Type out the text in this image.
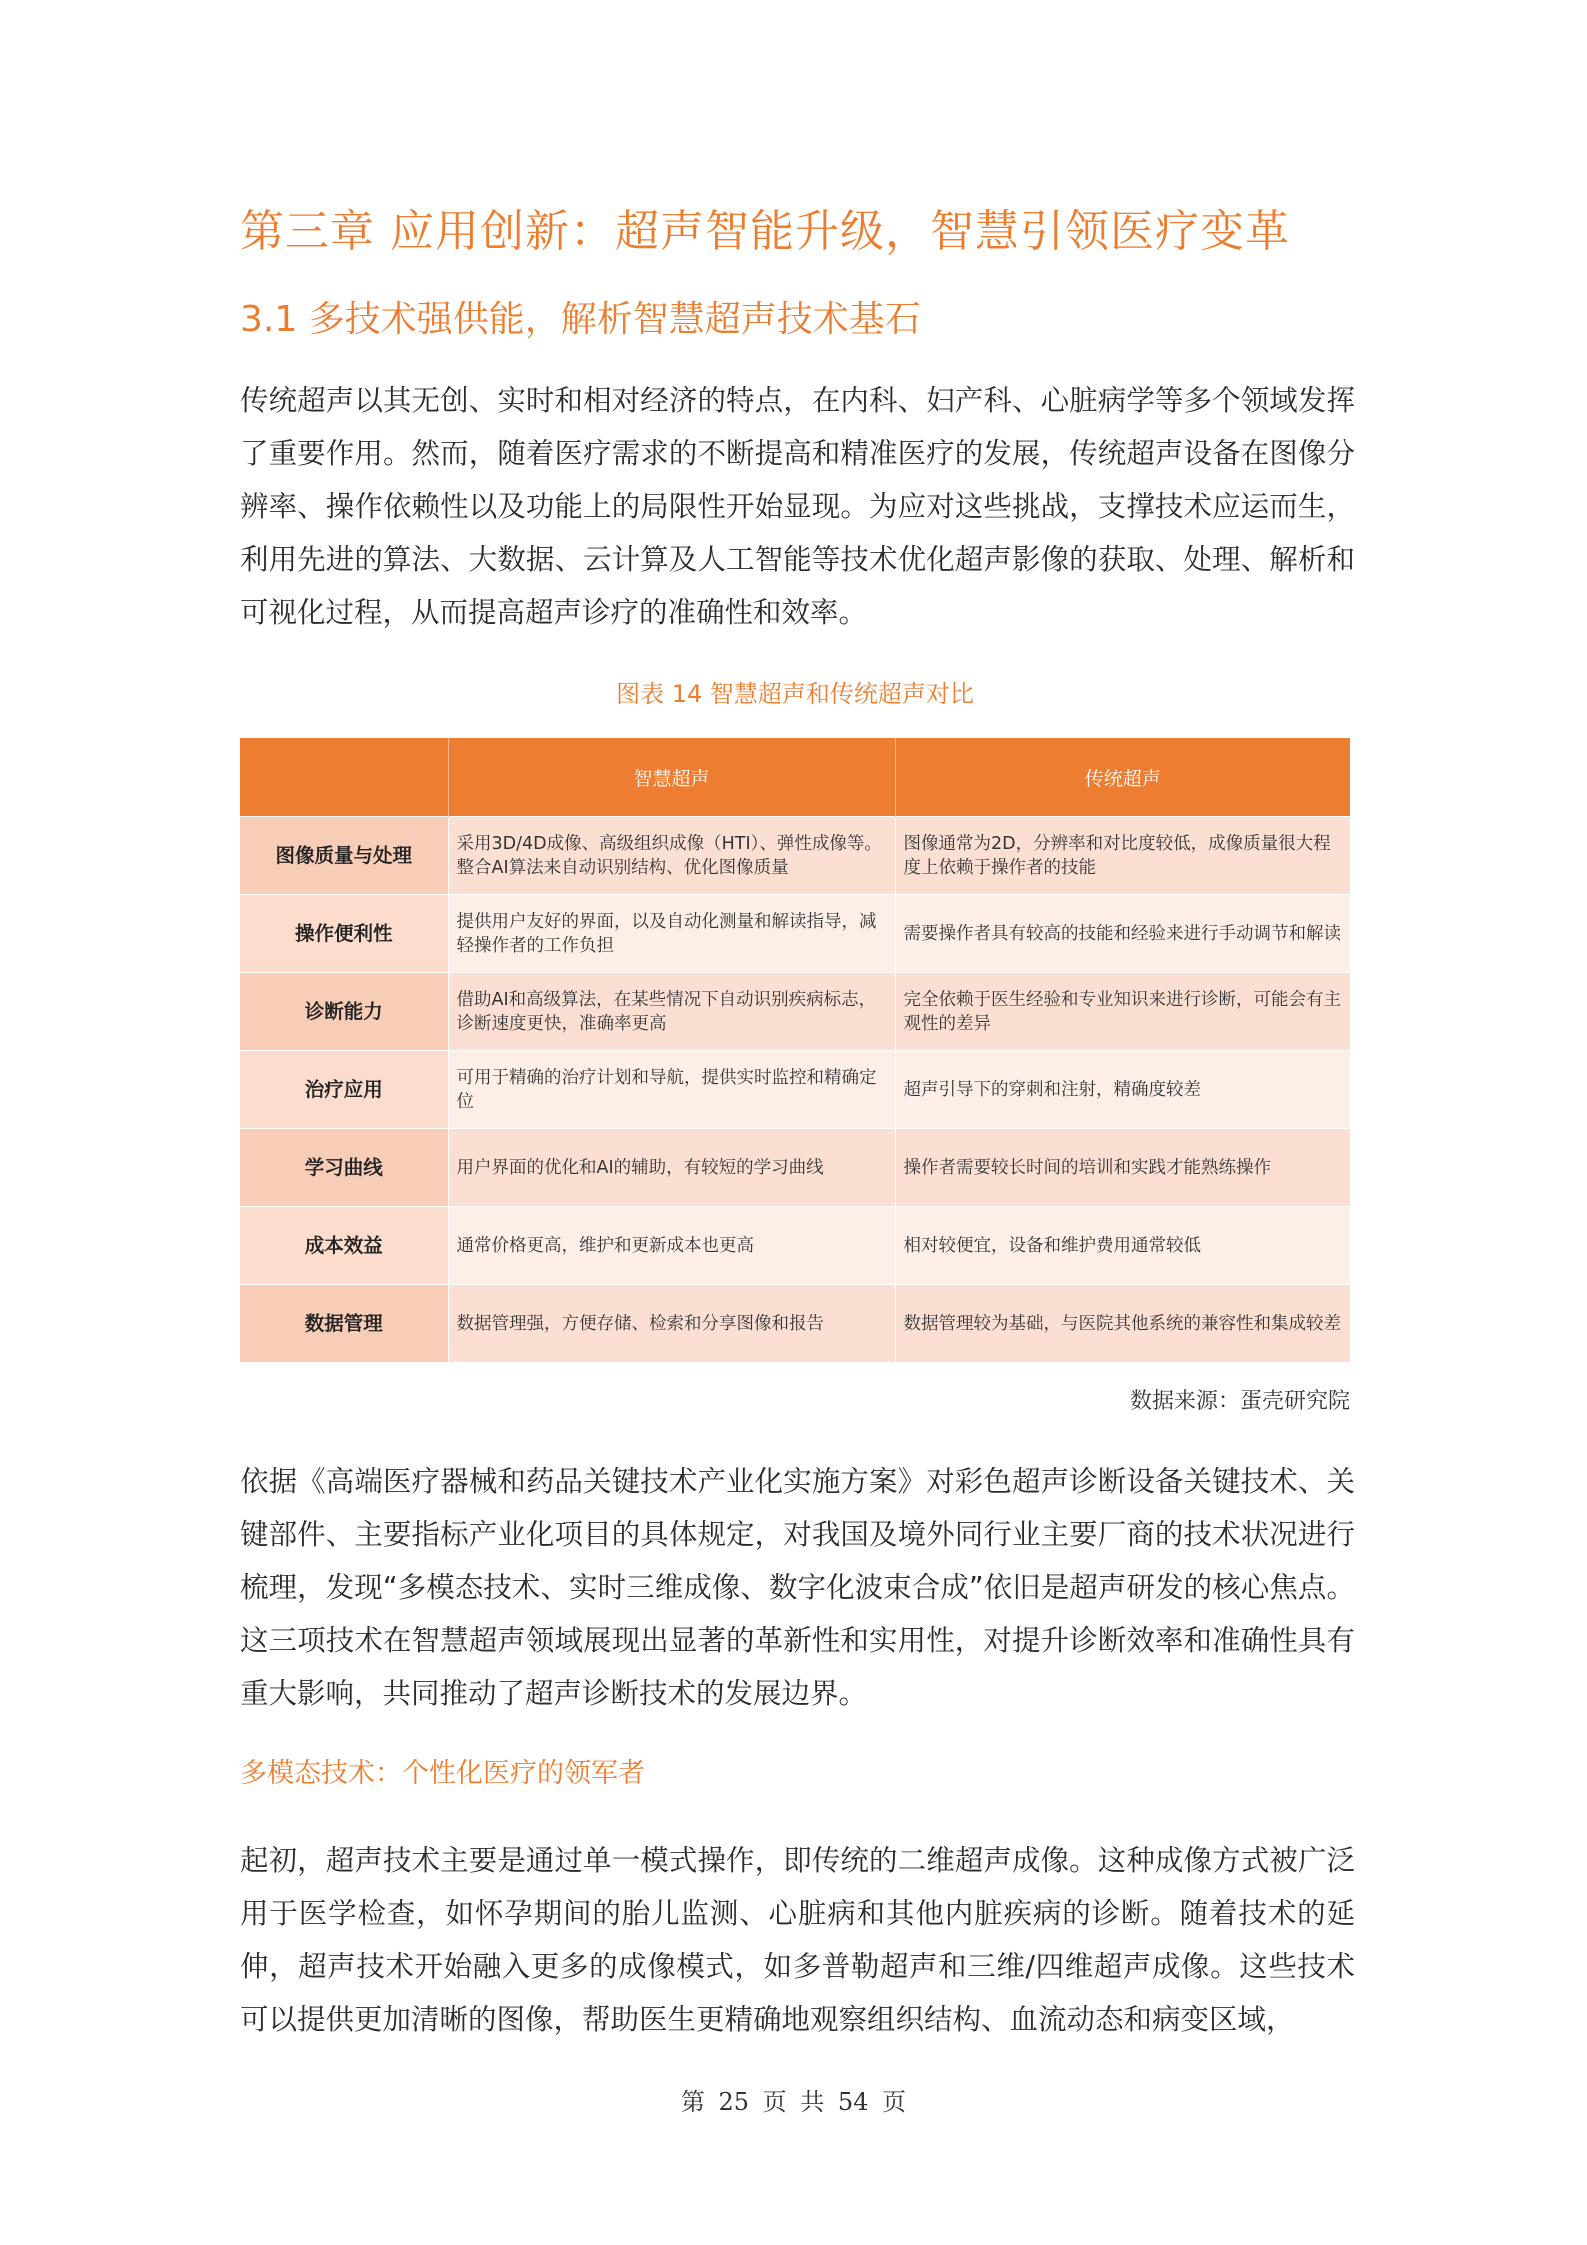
第三章 应用创新：超声智能升级，智慧引领医疗变革
3.1 多技术强供能，解析智慧超声技术基石

传统超声以其无创、实时和相对经济的特点，在内科、妇产科、心脏病学等多个领域发挥了重要作用。然而，随着医疗需求的不断提高和精准医疗的发展，传统超声设备在图像分辨率、操作依赖性以及功能上的局限性开始显现。为应对这些挑战，支撑技术应运而生，利用先进的算法、大数据、云计算及人工智能等技术优化超声影像的获取、处理、解析和可视化过程，从而提高超声诊疗的准确性和效率。

图表 14 智慧超声和传统超声对比
	智慧超声	传统超声
图像质量与处理	采用3D/4D成像、高级组织成像（HTI）、弹性成像等。整合AI算法来自动识别结构、优化图像质量	图像通常为2D，分辨率和对比度较低，成像质量很大程度上依赖于操作者的技能
操作便利性	提供用户友好的界面，以及自动化测量和解读指导，减轻操作者的工作负担	需要操作者具有较高的技能和经验来进行手动调节和解读
诊断能力	借助AI和高级算法，在某些情况下自动识别疾病标志，诊断速度更快，准确率更高	完全依赖于医生经验和专业知识来进行诊断，可能会有主观性的差异
治疗应用	可用于精确的治疗计划和导航，提供实时监控和精确定位	超声引导下的穿刺和注射，精确度较差
学习曲线	用户界面的优化和AI的辅助，有较短的学习曲线	操作者需要较长时间的培训和实践才能熟练操作
成本效益	通常价格更高，维护和更新成本也更高	相对较便宜，设备和维护费用通常较低
数据管理	数据管理强，方便存储、检索和分享图像和报告	数据管理较为基础，与医院其他系统的兼容性和集成较差
数据来源：蛋壳研究院

依据《高端医疗器械和药品关键技术产业化实施方案》对彩色超声诊断设备关键技术、关键部件、主要指标产业化项目的具体规定，对我国及境外同行业主要厂商的技术状况进行梳理，发现“多模态技术、实时三维成像、数字化波束合成”依旧是超声研发的核心焦点。这三项技术在智慧超声领域展现出显著的革新性和实用性，对提升诊断效率和准确性具有重大影响，共同推动了超声诊断技术的发展边界。

多模态技术：个性化医疗的领军者

起初，超声技术主要是通过单一模式操作，即传统的二维超声成像。这种成像方式被广泛用于医学检查，如怀孕期间的胎儿监测、心脏病和其他内脏疾病的诊断。随着技术的延伸，超声技术开始融入更多的成像模式，如多普勒超声和三维/四维超声成像。这些技术可以提供更加清晰的图像，帮助医生更精确地观察组织结构、血流动态和病变区域，

第 25 页 共 54 页
